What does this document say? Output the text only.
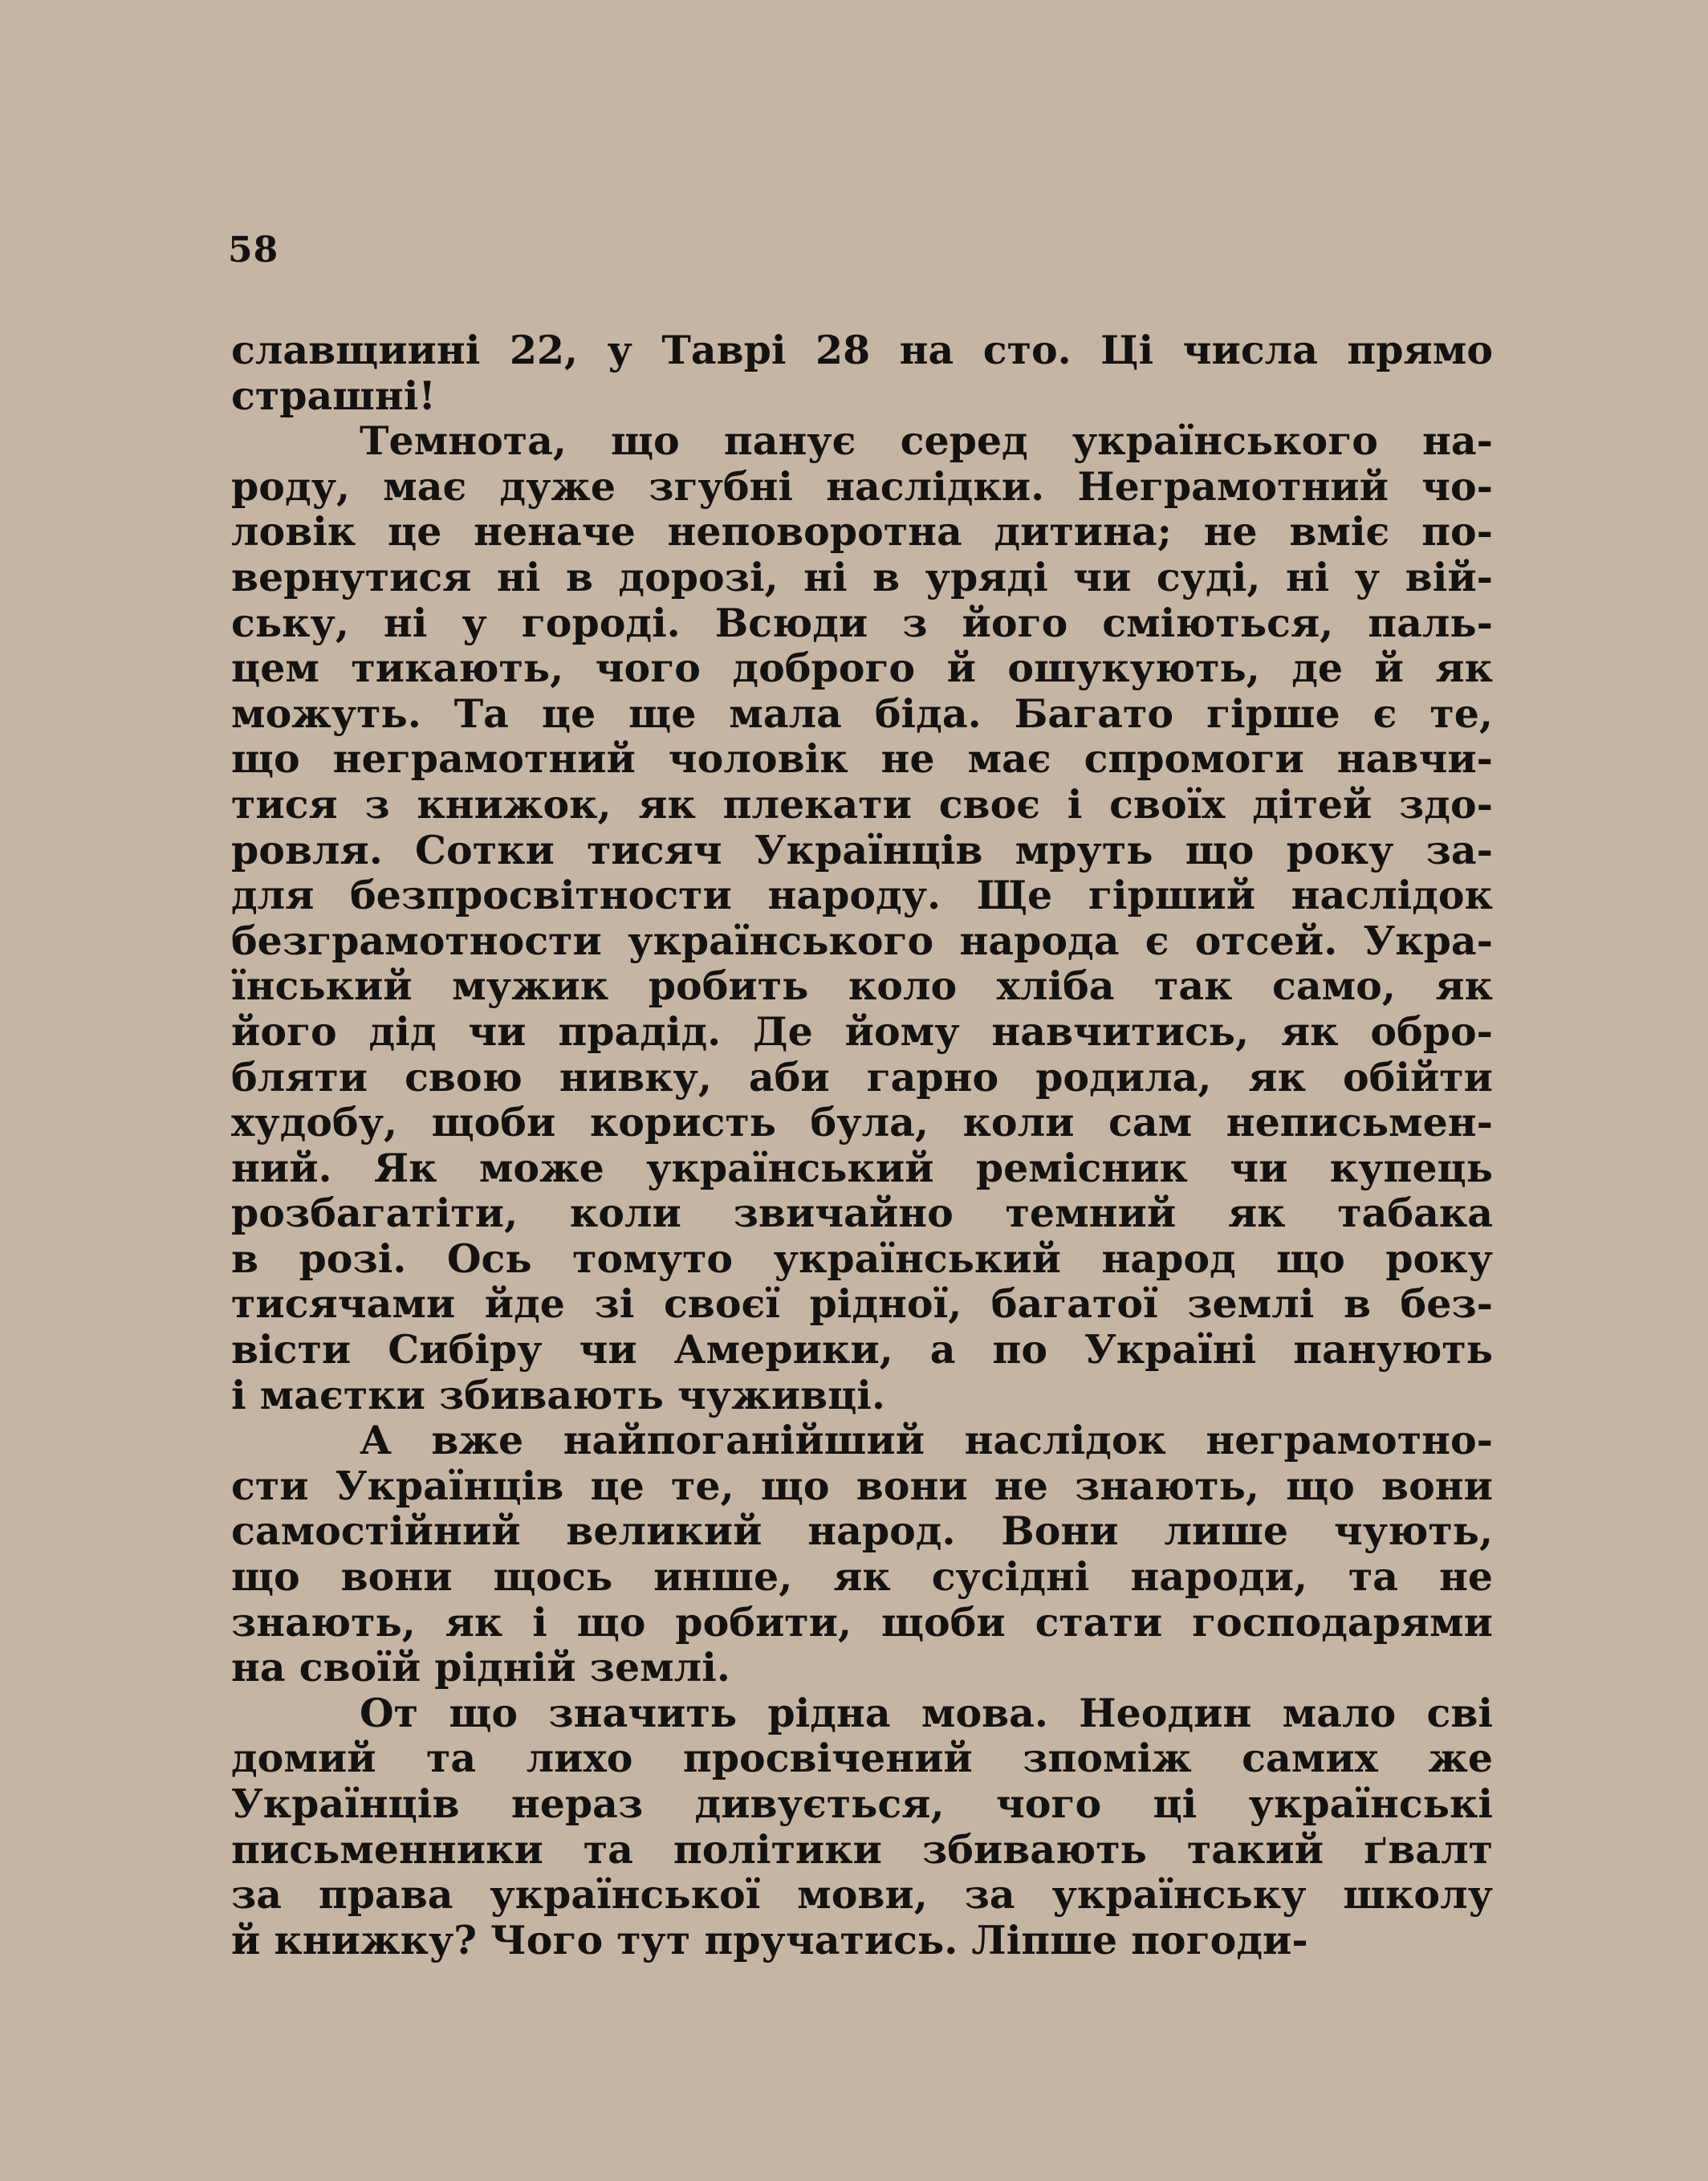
58
славщиині 22, у Таврі 28 на сто. Ці числа прямо
страшні!
Темнота, що панує серед українського на-
роду, має дуже згубні наслідки. Неграмотний чо-
ловік це неначе неповоротна дитина; не вміє по-
вернутися ні в дорозі, ні в уряді чи суді, ні у вій-
ську, ні у городі. Всюди з його сміються, паль-
цем тикають, чого доброго й ошукують, де й як
можуть. Та це ще мала біда. Багато гірше є те,
що неграмотний чоловік не має спромоги навчи-
тися з книжок, як плекати своє і своїх дітей здо-
ровля. Сотки тисяч Українців мруть що року за-
для безпросвітности народу. Ще гірший наслідок
безграмотности українського народа є отсей. Укра-
їнський мужик робить коло хліба так само, як
його дід чи прадід. Де йому навчитись, як обро-
бляти свою нивку, аби гарно родила, як обійти
худобу, щоби користь була, коли сам неписьмен-
ний. Як може український ремісник чи купець
розбагатіти, коли звичайно темний як табака
в розі. Ось томуто український народ що року
тисячами йде зі своєї рідної, багатої землі в без-
вісти Сибіру чи Америки, а по Україні панують
і маєтки збивають чуживці.
А вже найпоганійший наслідок неграмотно-
сти Українців це те, що вони не знають, що вони
самостійний великий народ. Вони лише чують,
що вони щось инше, як сусідні народи, та не
знають, як і що робити, щоби стати господарями
на своїй рідній землі.
От що значить рідна мова. Неодин мало сві
домий та лихо просвічений зпоміж самих же
Українців нераз дивується, чого ці українські
письменники та політики збивають такий ґвалт
за права української мови, за українську школу
й книжку? Чого тут пручатись. Ліпше погоди-
